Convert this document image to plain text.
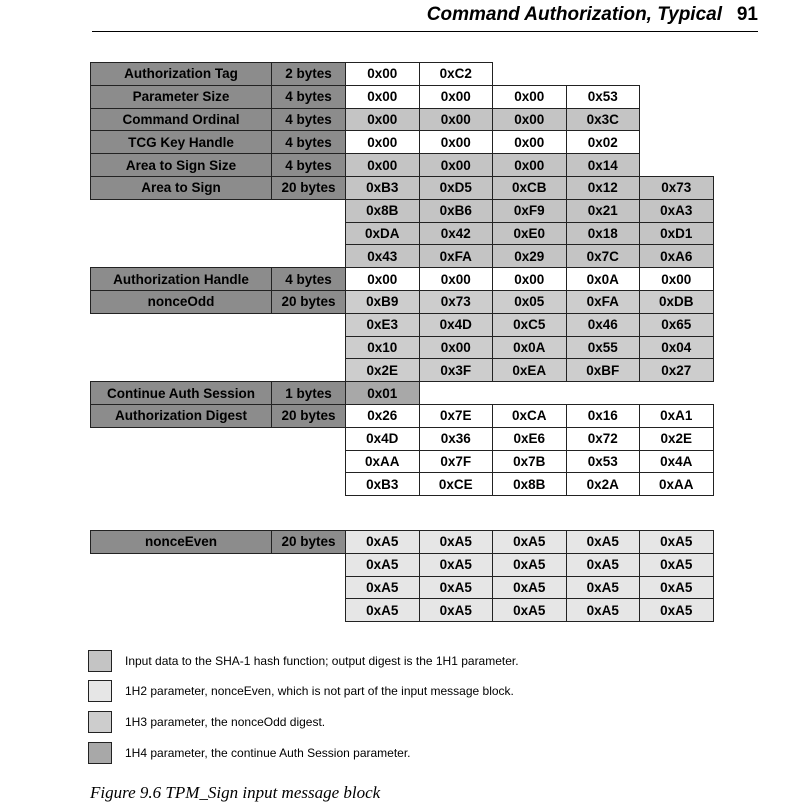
Command Authorization, Typical 91
Authorization Tag	2 bytes	0x00	0xC2
Parameter Size	4 bytes	0x00	0x00	0x00	0x53
Command Ordinal	4 bytes	0x00	0x00	0x00	0x3C
TCG Key Handle	4 bytes	0x00	0x00	0x00	0x02
Area to Sign Size	4 bytes	0x00	0x00	0x00	0x14
Area to Sign	20 bytes	0xB3	0xD5	0xCB	0x12	0x73
0x8B	0xB6	0xF9	0x21	0xA3
0xDA	0x42	0xE0	0x18	0xD1
0x43	0xFA	0x29	0x7C	0xA6
Authorization Handle	4 bytes	0x00	0x00	0x00	0x0A	0x00
nonceOdd	20 bytes	0xB9	0x73	0x05	0xFA	0xDB
0xE3	0x4D	0xC5	0x46	0x65
0x10	0x00	0x0A	0x55	0x04
0x2E	0x3F	0xEA	0xBF	0x27
Continue Auth Session	1 bytes	0x01
Authorization Digest	20 bytes	0x26	0x7E	0xCA	0x16	0xA1
0x4D	0x36	0xE6	0x72	0x2E
0xAA	0x7F	0x7B	0x53	0x4A
0xB3	0xCE	0x8B	0x2A	0xAA
nonceEven	20 bytes	0xA5	0xA5	0xA5	0xA5	0xA5
0xA5	0xA5	0xA5	0xA5	0xA5
0xA5	0xA5	0xA5	0xA5	0xA5
0xA5	0xA5	0xA5	0xA5	0xA5
Input data to the SHA-1 hash function; output digest is the 1H1 parameter.
1H2 parameter, nonceEven, which is not part of the input message block.
1H3 parameter, the nonceOdd digest.
1H4 parameter, the continue Auth Session parameter.
Figure 9.6 TPM_Sign input message block
